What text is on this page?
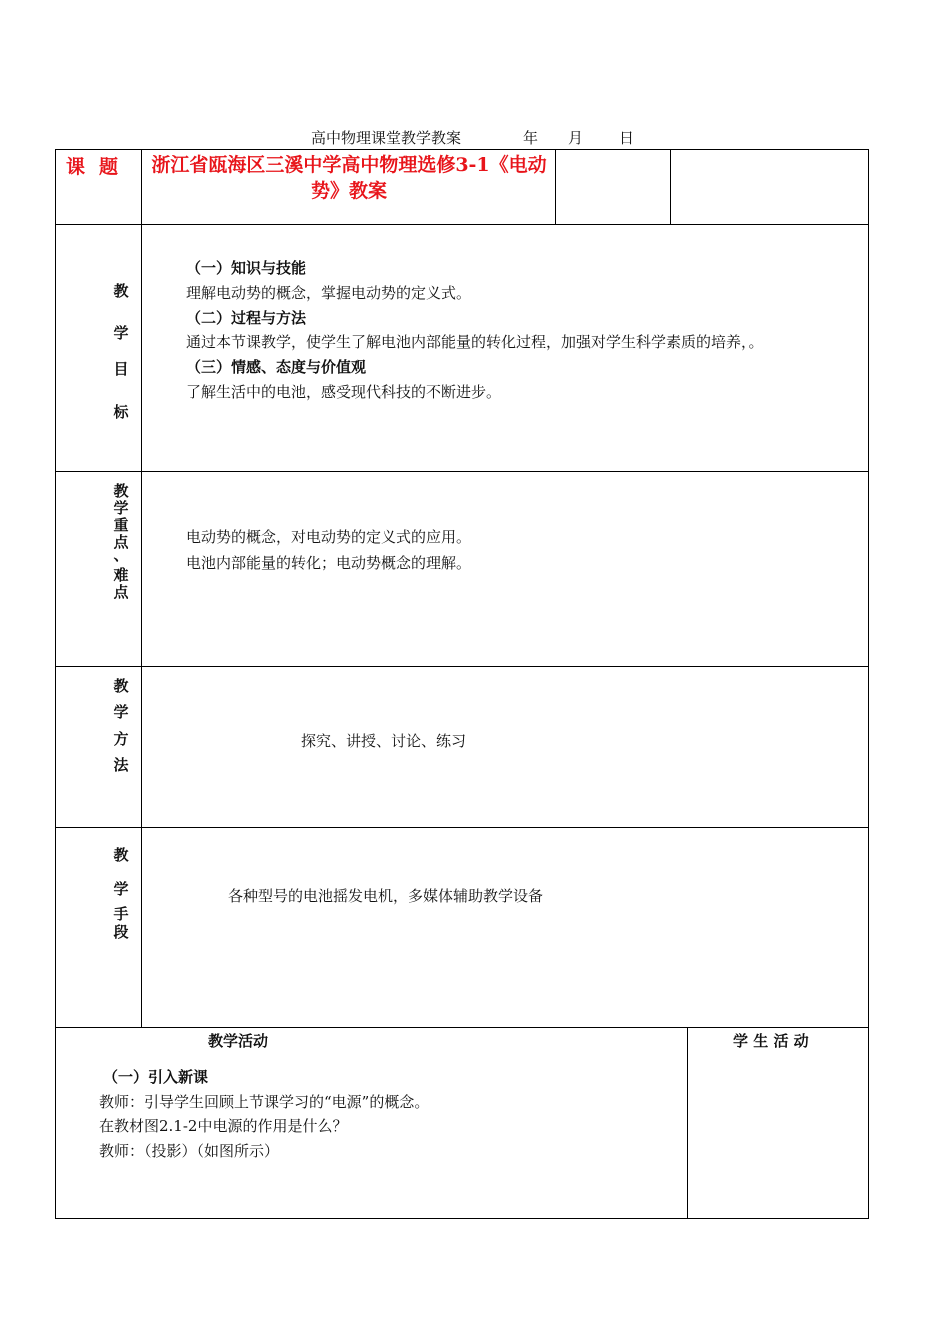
高中物理课堂教学教案	年 月 日
课题 浙江省瓯海区三溪中学高中物理选修3-1《电动势》教案
教
学
目
标
（一）知识与技能
理解电动势的概念，掌握电动势的定义式。
（二）过程与方法
通过本节课教学，使学生了解电池内部能量的转化过程，加强对学生科学素质的培养，。
（三）情感、态度与价值观
了解生活中的电池，感受现代科技的不断进步。
教
学
重
点
、
难
点
电动势的概念，对电动势的定义式的应用。
电池内部能量的转化；电动势概念的理解。
教
学
方
法
探究、讲授、讨论、练习
教
学
手
段
各种型号的电池摇发电机，多媒体辅助教学设备
教学活动	学 生 活 动
（一）引入新课
教师：引导学生回顾上节课学习的“电源”的概念。
在教材图2.1-2中电源的作用是什么？
教师：（投影）（如图所示）
